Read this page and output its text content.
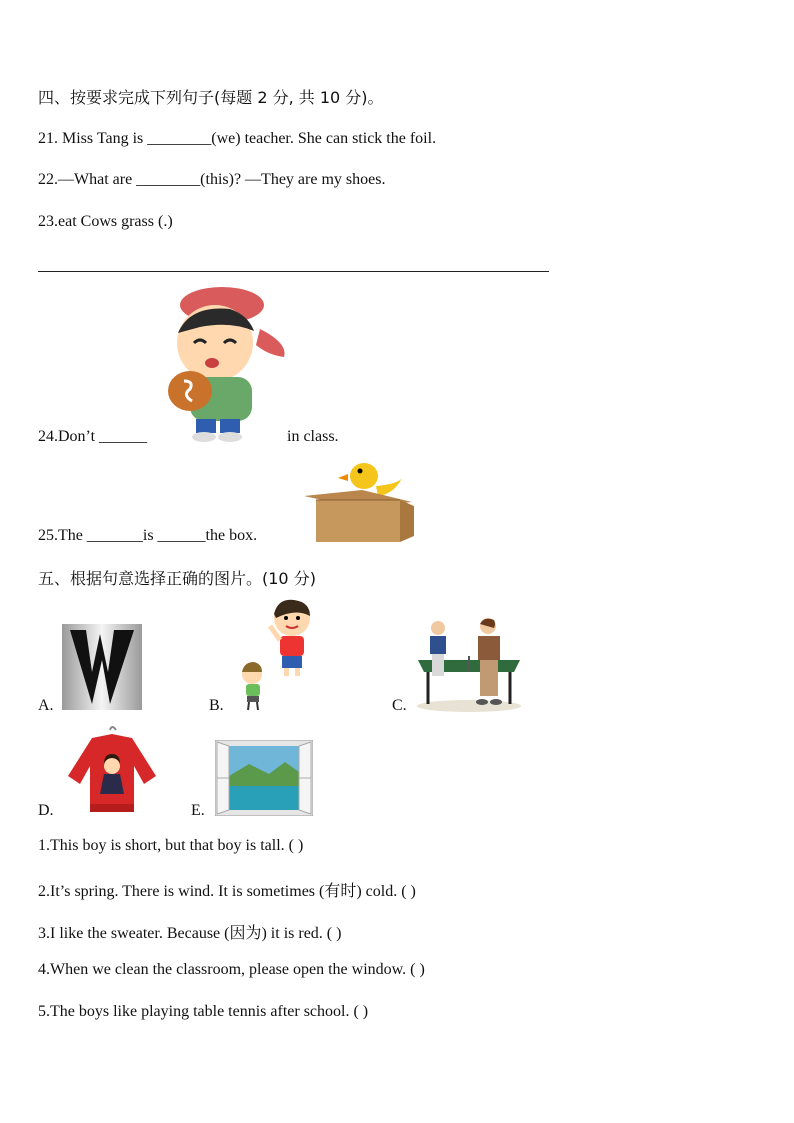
四、按要求完成下列句子(每题 2 分, 共 10 分)。
21. Miss Tang is ________(we) teacher. She can stick the foil.
22.—What are ________(this)? —They are my shoes.
23.eat Cows grass (.)
24.Don’t ______	in class.
25.The _______is ______the box.
五、根据句意选择正确的图片。(10 分)
A.	B.	C.
D.	E.
1.This boy is short, but that boy is tall. ( )
2.It’s spring. There is wind. It is sometimes (有时) cold. ( )
3.I like the sweater. Because (因为) it is red. ( )
4.When we clean the classroom, please open the window. ( )
5.The boys like playing table tennis after school. ( )
